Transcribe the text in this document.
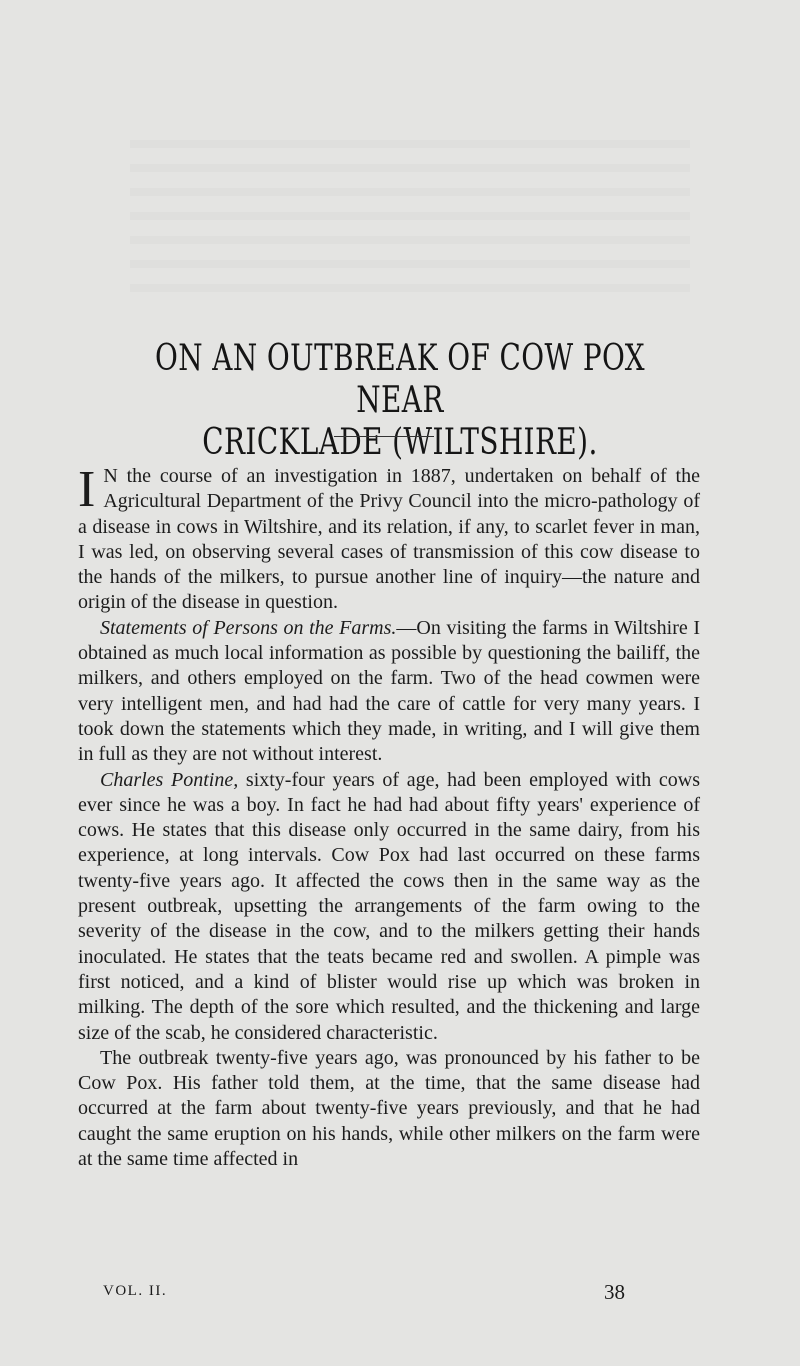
ON AN OUTBREAK OF COW POX NEAR
CRICKLADE (WILTSHIRE).

I N the course of an investigation in 1887, undertaken on behalf of the Agricultural Department of the Privy Council into the micro-pathology of a disease in cows in Wiltshire, and its relation, if any, to scarlet fever in man, I was led, on observing several cases of transmission of this cow disease to the hands of the milkers, to pursue another line of inquiry—the nature and origin of the disease in question.

Statements of Persons on the Farms.—On visiting the farms in Wiltshire I obtained as much local information as possible by questioning the bailiff, the milkers, and others employed on the farm. Two of the head cowmen were very intelligent men, and had had the care of cattle for very many years. I took down the statements which they made, in writing, and I will give them in full as they are not without interest.

Charles Pontine, sixty-four years of age, had been employed with cows ever since he was a boy. In fact he had had about fifty years' experience of cows. He states that this disease only occurred in the same dairy, from his experience, at long intervals. Cow Pox had last occurred on these farms twenty-five years ago. It affected the cows then in the same way as the present outbreak, upsetting the arrangements of the farm owing to the severity of the disease in the cow, and to the milkers getting their hands inoculated. He states that the teats became red and swollen. A pimple was first noticed, and a kind of blister would rise up which was broken in milking. The depth of the sore which resulted, and the thickening and large size of the scab, he considered characteristic.

The outbreak twenty-five years ago, was pronounced by his father to be Cow Pox. His father told them, at the time, that the same disease had occurred at the farm about twenty-five years previously, and that he had caught the same eruption on his hands, while other milkers on the farm were at the same time affected in

VOL. II.	38
